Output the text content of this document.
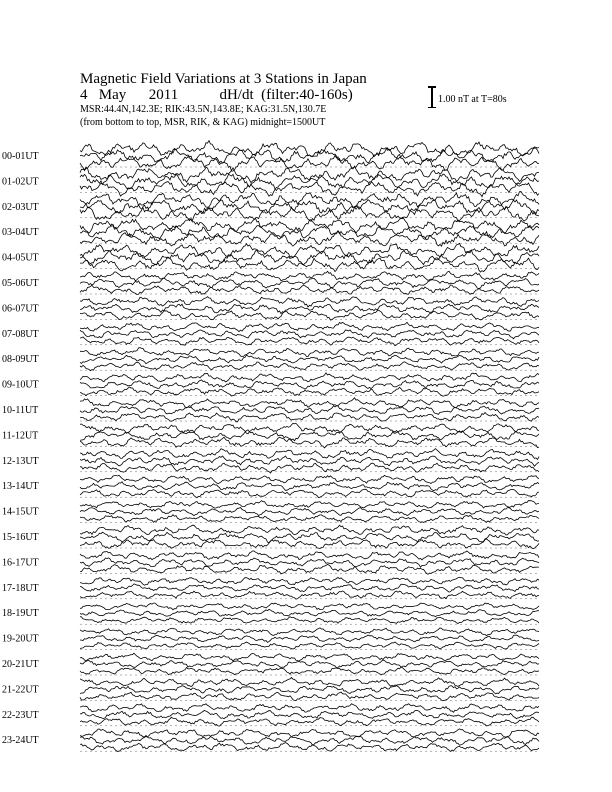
Magnetic Field Variations at 3 Stations in Japan
4   May      2011           dH/dt  (filter:40-160s)
MSR:44.4N,142.3E; RIK:43.5N,143.8E; KAG:31.5N,130.7E
(from bottom to top, MSR, RIK, & KAG) midnight=1500UT
1.00 nT at T=80s
00-01UT
01-02UT
02-03UT
03-04UT
04-05UT
05-06UT
06-07UT
07-08UT
08-09UT
09-10UT
10-11UT
11-12UT
12-13UT
13-14UT
14-15UT
15-16UT
16-17UT
17-18UT
18-19UT
19-20UT
20-21UT
21-22UT
22-23UT
23-24UT
